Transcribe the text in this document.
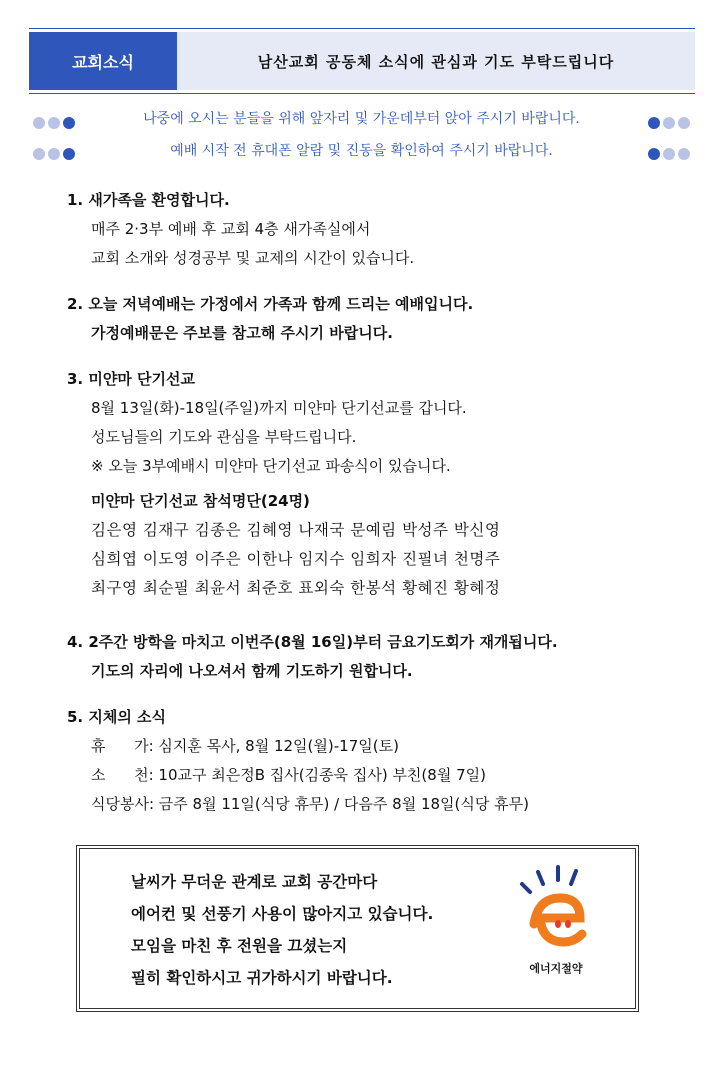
교회소식	남산교회 공동체 소식에 관심과 기도 부탁드립니다
나중에 오시는 분들을 위해 앞자리 및 가운데부터 앉아 주시기 바랍니다.
예배 시작 전 휴대폰 알람 및 진동을 확인하여 주시기 바랍니다.
1. 새가족을 환영합니다.
매주 2·3부 예배 후 교회 4층 새가족실에서
교회 소개와 성경공부 및 교제의 시간이 있습니다.
2. 오늘 저녁예배는 가정에서 가족과 함께 드리는 예배입니다.
가정예배문은 주보를 참고해 주시기 바랍니다.
3. 미얀마 단기선교
8월 13일(화)-18일(주일)까지 미얀마 단기선교를 갑니다.
성도님들의 기도와 관심을 부탁드립니다.
※ 오늘 3부예배시 미얀마 단기선교 파송식이 있습니다.
미얀마 단기선교 참석명단(24명)
김은영 김재구 김종은 김혜영 나재국 문예림 박성주 박신영
심희엽 이도영 이주은 이한나 임지수 임희자 진필녀 천명주
최구영 최순필 최윤서 최준호 표외숙 한봉석 황혜진 황혜정
4. 2주간 방학을 마치고 이번주(8월 16일)부터 금요기도회가 재개됩니다.
기도의 자리에 나오셔서 함께 기도하기 원합니다.
5. 지체의 소식
휴      가: 심지훈 목사, 8월 12일(월)-17일(토)
소      천: 10교구 최은정B 집사(김종욱 집사) 부친(8월 7일)
식당봉사: 금주 8월 11일(식당 휴무) / 다음주 8월 18일(식당 휴무)
날씨가 무더운 관계로 교회 공간마다
에어컨 및 선풍기 사용이 많아지고 있습니다.
모임을 마친 후 전원을 끄셨는지
필히 확인하시고 귀가하시기 바랍니다.
에너지절약
